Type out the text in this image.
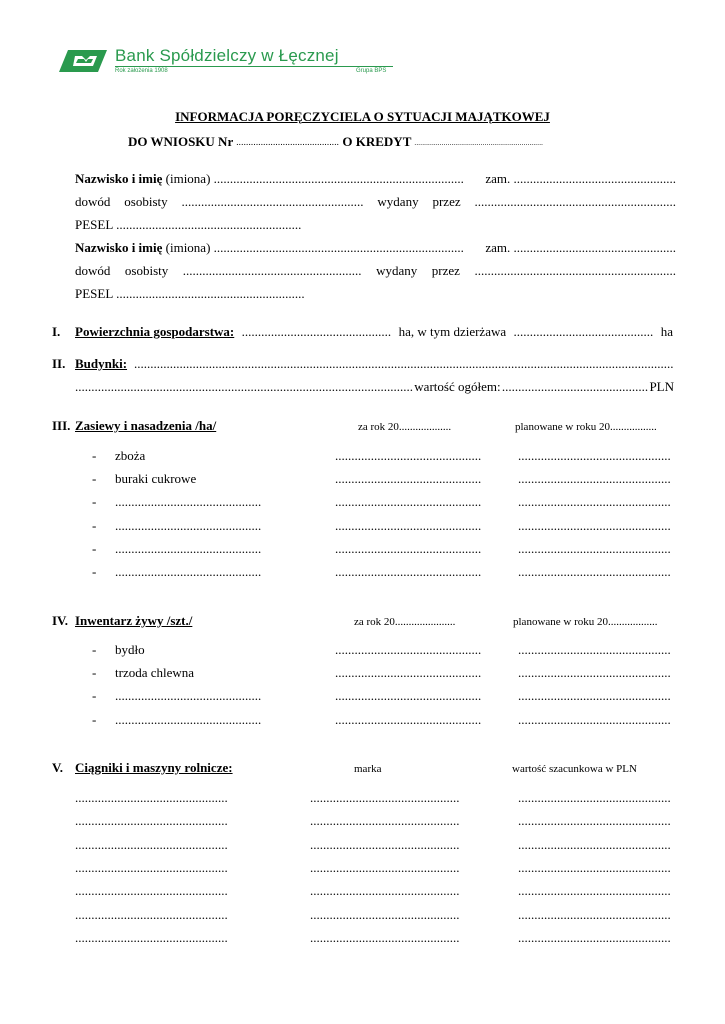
Bank Spółdzielczy w Łęcznej
Rok założenia 1908	Grupa BPS
INFORMACJA PORĘCZYCIELA O SYTUACJI MAJĄTKOWEJ
DO WNIOSKU Nr .......................................... O KREDYT ..................................................................
Nazwisko i imię (imiona) ............................................................................. zam. ..................................................
dowód osobisty ........................................................ wydany przez ..............................................................
PESEL .........................................................
Nazwisko i imię (imiona) ............................................................................. zam. ..................................................
dowód osobisty ....................................................... wydany przez ..............................................................
PESEL ..........................................................
I. Powierzchnia gospodarstwa: .............................................. ha, w tym dzierżawa ........................................... ha
II. Budynki: ......................................................................................................................................................................
........................................................................................................ wartość ogółem: ............................................. PLN
III. Zasiewy i nasadzenia /ha/	za rok 20...................	planowane w roku 20.................
- zboża	.............................................	...............................................
- buraki cukrowe	.............................................	...............................................
- .............................................	.............................................	...............................................
- .............................................	.............................................	...............................................
- .............................................	.............................................	...............................................
- .............................................	.............................................	...............................................
IV. Inwentarz żywy /szt./	za rok 20......................	planowane w roku 20..................
- bydło	.............................................	...............................................
- trzoda chlewna	.............................................	...............................................
- .............................................	.............................................	...............................................
- .............................................	.............................................	...............................................
V. Ciągniki i maszyny rolnicze:	marka	wartość szacunkowa w PLN
...............................................	..............................................	...............................................
...............................................	..............................................	...............................................
...............................................	..............................................	...............................................
...............................................	..............................................	...............................................
...............................................	..............................................	...............................................
...............................................	..............................................	...............................................
...............................................	..............................................	...............................................
